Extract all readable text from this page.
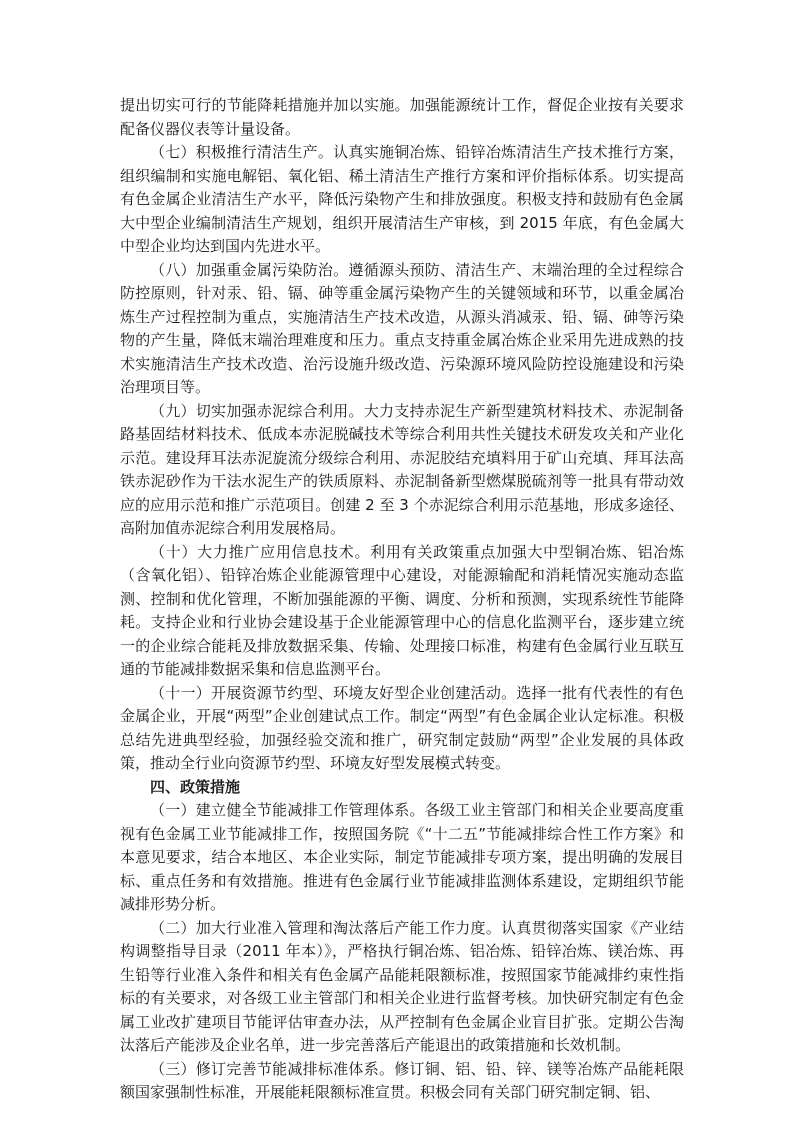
提出切实可行的节能降耗措施并加以实施。加强能源统计工作，督促企业按有关要求配备仪器仪表等计量设备。

（七）积极推行清洁生产。认真实施铜冶炼、铅锌冶炼清洁生产技术推行方案，组织编制和实施电解铝、氧化铝、稀土清洁生产推行方案和评价指标体系。切实提高有色金属企业清洁生产水平，降低污染物产生和排放强度。积极支持和鼓励有色金属大中型企业编制清洁生产规划，组织开展清洁生产审核，到 2015 年底，有色金属大中型企业均达到国内先进水平。

（八）加强重金属污染防治。遵循源头预防、清洁生产、末端治理的全过程综合防控原则，针对汞、铅、镉、砷等重金属污染物产生的关键领域和环节，以重金属冶炼生产过程控制为重点，实施清洁生产技术改造，从源头消减汞、铅、镉、砷等污染物的产生量，降低末端治理难度和压力。重点支持重金属冶炼企业采用先进成熟的技术实施清洁生产技术改造、治污设施升级改造、污染源环境风险防控设施建设和污染治理项目等。

（九）切实加强赤泥综合利用。大力支持赤泥生产新型建筑材料技术、赤泥制备路基固结材料技术、低成本赤泥脱碱技术等综合利用共性关键技术研发攻关和产业化示范。建设拜耳法赤泥旋流分级综合利用、赤泥胶结充填料用于矿山充填、拜耳法高铁赤泥砂作为干法水泥生产的铁质原料、赤泥制备新型燃煤脱硫剂等一批具有带动效应的应用示范和推广示范项目。创建 2 至 3 个赤泥综合利用示范基地，形成多途径、高附加值赤泥综合利用发展格局。

（十）大力推广应用信息技术。利用有关政策重点加强大中型铜冶炼、铝冶炼（含氧化铝）、铅锌冶炼企业能源管理中心建设，对能源输配和消耗情况实施动态监测、控制和优化管理，不断加强能源的平衡、调度、分析和预测，实现系统性节能降耗。支持企业和行业协会建设基于企业能源管理中心的信息化监测平台，逐步建立统一的企业综合能耗及排放数据采集、传输、处理接口标准，构建有色金属行业互联互通的节能减排数据采集和信息监测平台。

（十一）开展资源节约型、环境友好型企业创建活动。选择一批有代表性的有色金属企业，开展“两型”企业创建试点工作。制定“两型”有色金属企业认定标准。积极总结先进典型经验，加强经验交流和推广，研究制定鼓励“两型”企业发展的具体政策，推动全行业向资源节约型、环境友好型发展模式转变。

四、政策措施

（一）建立健全节能减排工作管理体系。各级工业主管部门和相关企业要高度重视有色金属工业节能减排工作，按照国务院《“十二五”节能减排综合性工作方案》和本意见要求，结合本地区、本企业实际，制定节能减排专项方案，提出明确的发展目标、重点任务和有效措施。推进有色金属行业节能减排监测体系建设，定期组织节能减排形势分析。

（二）加大行业准入管理和淘汰落后产能工作力度。认真贯彻落实国家《产业结构调整指导目录（2011 年本）》，严格执行铜冶炼、铝冶炼、铅锌冶炼、镁冶炼、再生铅等行业准入条件和相关有色金属产品能耗限额标准，按照国家节能减排约束性指标的有关要求，对各级工业主管部门和相关企业进行监督考核。加快研究制定有色金属工业改扩建项目节能评估审查办法，从严控制有色金属企业盲目扩张。定期公告淘汰落后产能涉及企业名单，进一步完善落后产能退出的政策措施和长效机制。

（三）修订完善节能减排标准体系。修订铜、铝、铅、锌、镁等冶炼产品能耗限额国家强制性标准，开展能耗限额标准宣贯。积极会同有关部门研究制定铜、铝、
